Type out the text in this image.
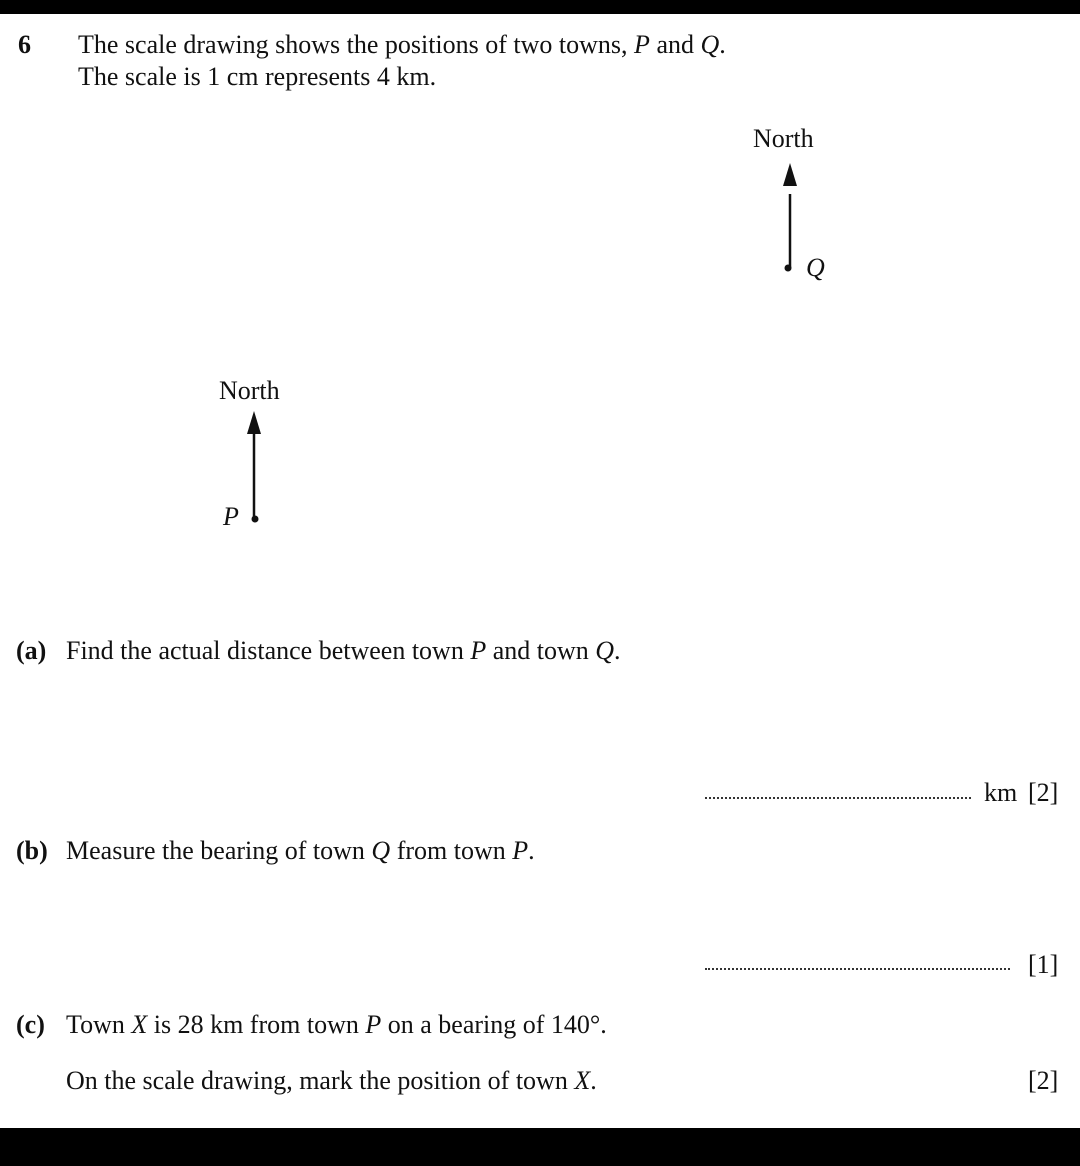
6 The scale drawing shows the positions of two towns, P and Q.
The scale is 1 cm represents 4 km.
North
Q
North
P
(a) Find the actual distance between town P and town Q.
km [2]
(b) Measure the bearing of town Q from town P.
[1]
(c) Town X is 28 km from town P on a bearing of 140°.
On the scale drawing, mark the position of town X.	[2]
